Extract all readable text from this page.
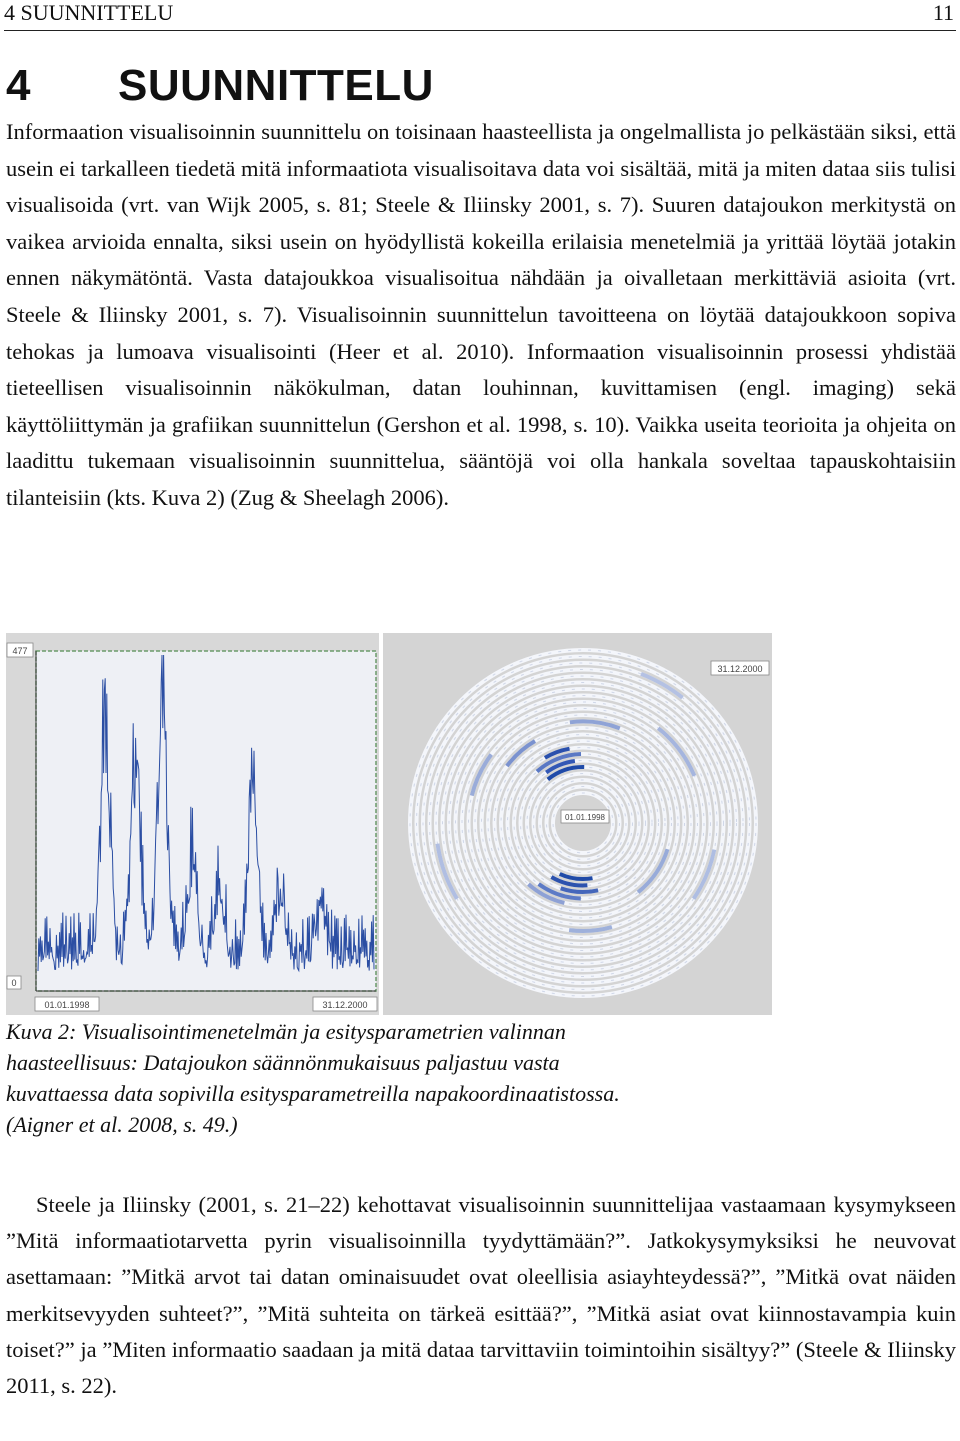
4 SUUNNITTELU	11
4 SUUNNITTELU

Informaation visualisoinnin suunnittelu on toisinaan haasteellista ja ongelmallista jo pelkästään siksi, että usein ei tarkalleen tiedetä mitä informaatiota visualisoitava data voi sisältää, mitä ja miten dataa siis tulisi visualisoida (vrt. van Wijk 2005, s. 81; Steele & Iliinsky 2001, s. 7). Suuren datajoukon merkitystä on vaikea arvioida ennalta, siksi usein on hyödyllistä kokeilla erilaisia menetelmiä ja yrittää löytää jotakin ennen näkymätöntä. Vasta datajoukkoa visualisoitua nähdään ja oivalletaan merkittäviä asioita (vrt. Steele & Iliinsky 2001, s. 7). Visualisoinnin suunnittelun tavoitteena on löytää datajoukkoon sopiva tehokas ja lumoava visualisointi (Heer et al. 2010). Informaation visualisoinnin prosessi yhdistää tieteellisen visualisoinnin näkökulman, datan louhinnan, kuvittamisen (engl. imaging) sekä käyttöliittymän ja grafiikan suunnittelun (Gershon et al. 1998, s. 10). Vaikka useita teorioita ja ohjeita on laadittu tukemaan visualisoinnin suunnittelua, sääntöjä voi olla hankala soveltaa tapauskohtaisiin tilanteisiin (kts. Kuva 2) (Zug & Sheelagh 2006).

477
0
01.01.1998	31.12.2000
31.12.2000
01.01.1998
Kuva 2: Visualisointimenetelmän ja esitysparametrien valinnan
haasteellisuus: Datajoukon säännönmukaisuus paljastuu vasta
kuvattaessa data sopivilla esitysparametreilla napakoordinaatistossa.
(Aigner et al. 2008, s. 49.)

Steele ja Iliinsky (2001, s. 21–22) kehottavat visualisoinnin suunnittelijaa vastaamaan kysymykseen ”Mitä informaatiotarvetta pyrin visualisoinnilla tyydyttämään?”. Jatkokysymyksiksi he neuvovat asettamaan: ”Mitkä arvot tai datan ominaisuudet ovat oleellisia asiayhteydessä?”, ”Mitkä ovat näiden merkitsevyyden suhteet?”, ”Mitä suhteita on tärkeä esittää?”, ”Mitkä asiat ovat kiinnostavampia kuin toiset?” ja ”Miten informaatio saadaan ja mitä dataa tarvittaviin toimintoihin sisältyy?” (Steele & Iliinsky 2011, s. 22).
